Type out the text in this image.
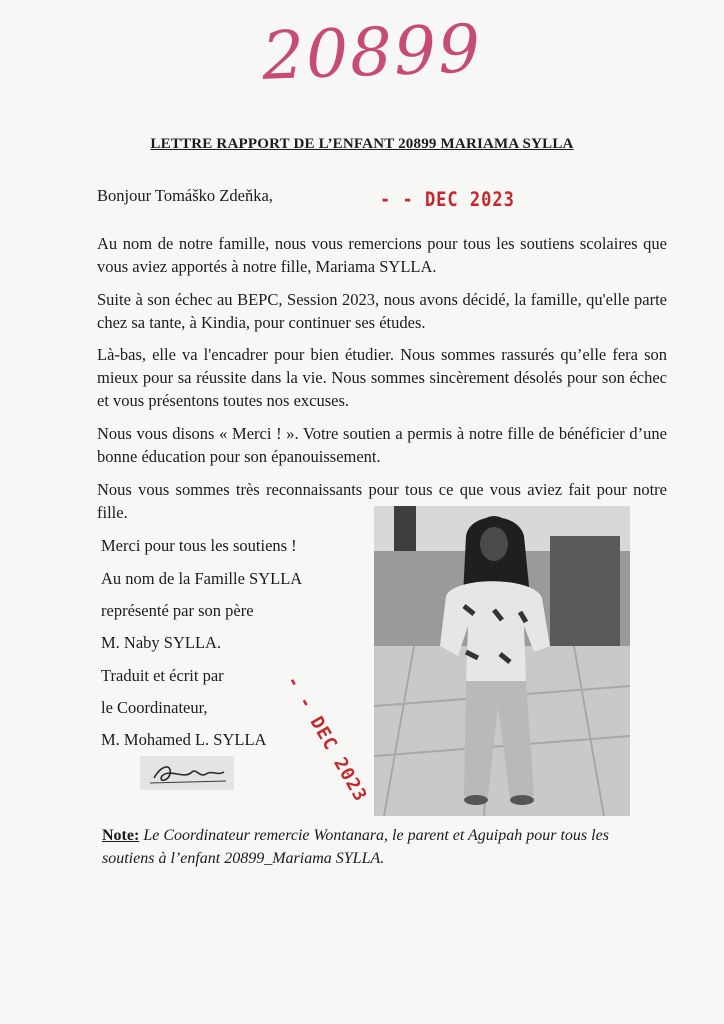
20899
LETTRE RAPPORT DE L’ENFANT 20899 MARIAMA SYLLA
Bonjour Tomáško Zdeňka,	- - DEC 2023
Au nom de notre famille, nous vous remercions pour tous les soutiens scolaires que vous aviez apportés à notre fille, Mariama SYLLA.
Suite à son échec au BEPC, Session 2023, nous avons décidé, la famille, qu'elle parte chez sa tante, à Kindia, pour continuer ses études.
Là-bas, elle va l'encadrer pour bien étudier. Nous sommes rassurés qu’elle fera son mieux pour sa réussite dans la vie. Nous sommes sincèrement désolés pour son échec et vous présentons toutes nos excuses.
Nous vous disons « Merci ! ». Votre soutien a permis à notre fille de bénéficier d’une bonne éducation pour son épanouissement.
Nous vous sommes très reconnaissants pour tous ce que vous aviez fait pour notre fille.
Merci pour tous les soutiens !
Au nom de la Famille SYLLA
représenté par son père
M. Naby SYLLA.
Traduit et écrit par
le Coordinateur,
M. Mohamed L. SYLLA - - DEC 2023
Note: Le Coordinateur remercie Wontanara, le parent et Aguipah pour tous les soutiens à l’enfant 20899_Mariama SYLLA.
